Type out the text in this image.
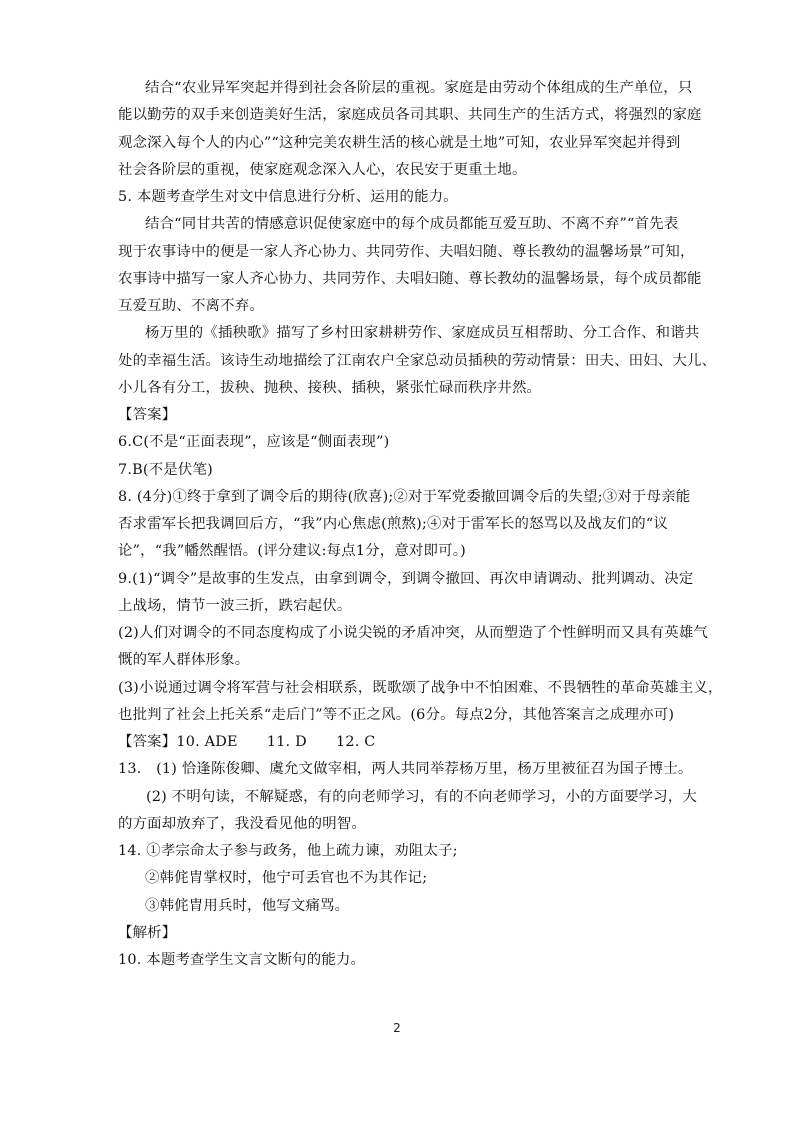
结合“农业异军突起并得到社会各阶层的重视。家庭是由劳动个体组成的生产单位，只
能以勤劳的双手来创造美好生活，家庭成员各司其职、共同生产的生活方式，将强烈的家庭
观念深入每个人的内心”“这种完美农耕生活的核心就是土地”可知，农业异军突起并得到
社会各阶层的重视，使家庭观念深入人心，农民安于更重土地。
5. 本题考查学生对文中信息进行分析、运用的能力。
结合“同甘共苦的情感意识促使家庭中的每个成员都能互爱互助、不离不弃”“首先表
现于农事诗中的便是一家人齐心协力、共同劳作、夫唱妇随、尊长教幼的温馨场景”可知，
农事诗中描写一家人齐心协力、共同劳作、夫唱妇随、尊长教幼的温馨场景，每个成员都能
互爱互助、不离不弃。
杨万里的《插秧歌》描写了乡村田家耕耕劳作、家庭成员互相帮助、分工合作、和谐共
处的幸福生活。该诗生动地描绘了江南农户全家总动员插秧的劳动情景：田夫、田妇、大儿、
小儿各有分工，拔秧、抛秧、接秧、插秧，紧张忙碌而秩序井然。
【答案】
6.C(不是“正面表现”，应该是“侧面表现”)
7.B(不是伏笔)
8. (4分)①终于拿到了调令后的期待(欣喜);②对于军党委撤回调令后的失望;③对于母亲能
否求雷军长把我调回后方，“我”内心焦虑(煎熬);④对于雷军长的怒骂以及战友们的“议
论”，“我”幡然醒悟。(评分建议:每点1分，意对即可。)
9.(1)“调令”是故事的生发点，由拿到调令，到调令撤回、再次申请调动、批判调动、决定
上战场，情节一波三折，跌宕起伏。
(2)人们对调令的不同态度构成了小说尖锐的矛盾冲突，从而塑造了个性鲜明而又具有英雄气
慨的军人群体形象。
(3)小说通过调令将军营与社会相联系，既歌颂了战争中不怕困难、不畏牺牲的革命英雄主义，
也批判了社会上托关系“走后门”等不正之风。(6分。每点2分，其他答案言之成理亦可)
【答案】10. ADE　　11. D　　12. C
13.　(1) 恰逢陈俊卿、虞允文做宰相，两人共同举荐杨万里，杨万里被征召为国子博士。
(2) 不明句读，不解疑惑，有的向老师学习，有的不向老师学习，小的方面要学习，大
的方面却放弃了，我没看见他的明智。
14. ①孝宗命太子参与政务，他上疏力谏，劝阻太子;
②韩侂胄掌权时，他宁可丢官也不为其作记;
③韩侂胄用兵时，他写文痛骂。
【解析】
10. 本题考查学生文言文断句的能力。
2
